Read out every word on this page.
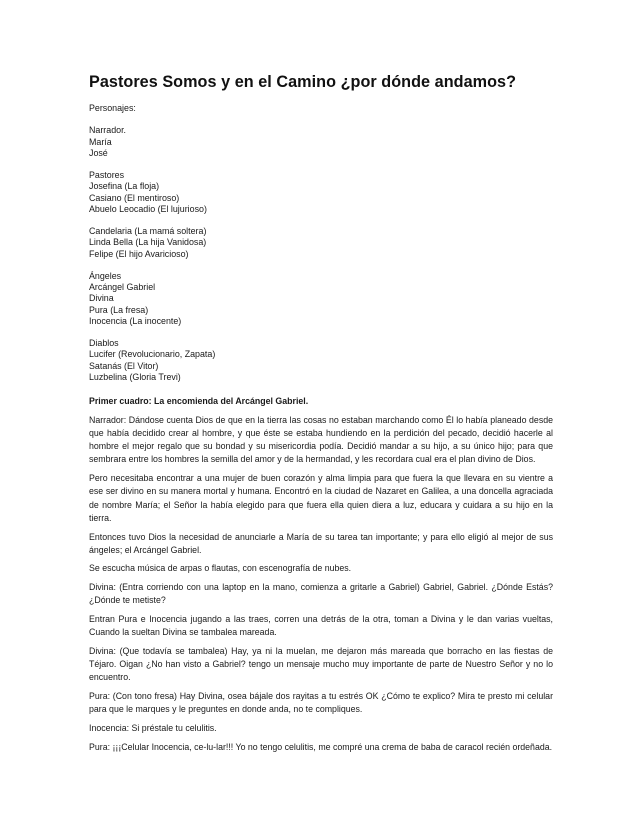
Pastores Somos y en el Camino ¿por dónde andamos?
Personajes:
Narrador.
María
José
Pastores
Josefina (La floja)
Casiano (El mentiroso)
Abuelo Leocadio (El lujurioso)
Candelaria (La mamá soltera)
Linda Bella (La hija Vanidosa)
Felipe (El hijo Avaricioso)
Ángeles
Arcángel Gabriel
Divina
Pura (La fresa)
Inocencia (La inocente)
Diablos
Lucifer (Revolucionario, Zapata)
Satanás (El Vitor)
Luzbelina (Gloria Trevi)
Primer cuadro: La encomienda del Arcángel Gabriel.
Narrador: Dándose cuenta Dios de que en la tierra las cosas no estaban marchando como Él lo había planeado desde que había decidido crear al hombre, y que éste se estaba hundiendo en la perdición del pecado, decidió hacerle al hombre el mejor regalo que su bondad y su misericordia podía. Decidió mandar a su hijo, a su único hijo; para que sembrara entre los hombres la semilla del amor y de la hermandad, y les recordara cual era el plan divino de Dios.
Pero necesitaba encontrar a una mujer de buen corazón y alma limpia para que fuera la que llevara en su vientre a ese ser divino en su manera mortal y humana. Encontró en la ciudad de Nazaret en Galilea, a una doncella agraciada de nombre María; el Señor la había elegido para que fuera ella quien diera a luz, educara y cuidara a su hijo en la tierra.
Entonces tuvo Dios la necesidad de anunciarle a María de su tarea tan importante; y para ello eligió al mejor de sus ángeles; el Arcángel Gabriel.
Se escucha música de arpas o flautas, con escenografía de nubes.
Divina: (Entra corriendo con una laptop en la mano, comienza a gritarle a Gabriel) Gabriel, Gabriel. ¿Dónde Estás? ¿Dónde te metiste?
Entran Pura e Inocencia jugando a las traes, corren una detrás de la otra, toman a Divina y le dan varias vueltas, Cuando la sueltan Divina se tambalea mareada.
Divina: (Que todavía se tambalea) Hay, ya ni la muelan, me dejaron más mareada que borracho en las fiestas de Téjaro. Oigan ¿No han visto a Gabriel? tengo un mensaje mucho muy importante de parte de Nuestro Señor y no lo encuentro.
Pura: (Con tono fresa) Hay Divina, osea bájale dos rayitas a tu estrés OK ¿Cómo te explico? Mira te presto mi celular para que le marques y le preguntes en donde anda, no te compliques.
Inocencia: Si préstale tu celulitis.
Pura: ¡¡¡Celular Inocencia, ce-lu-lar!!! Yo no tengo celulitis, me compré una crema de baba de caracol recién ordeñada.
